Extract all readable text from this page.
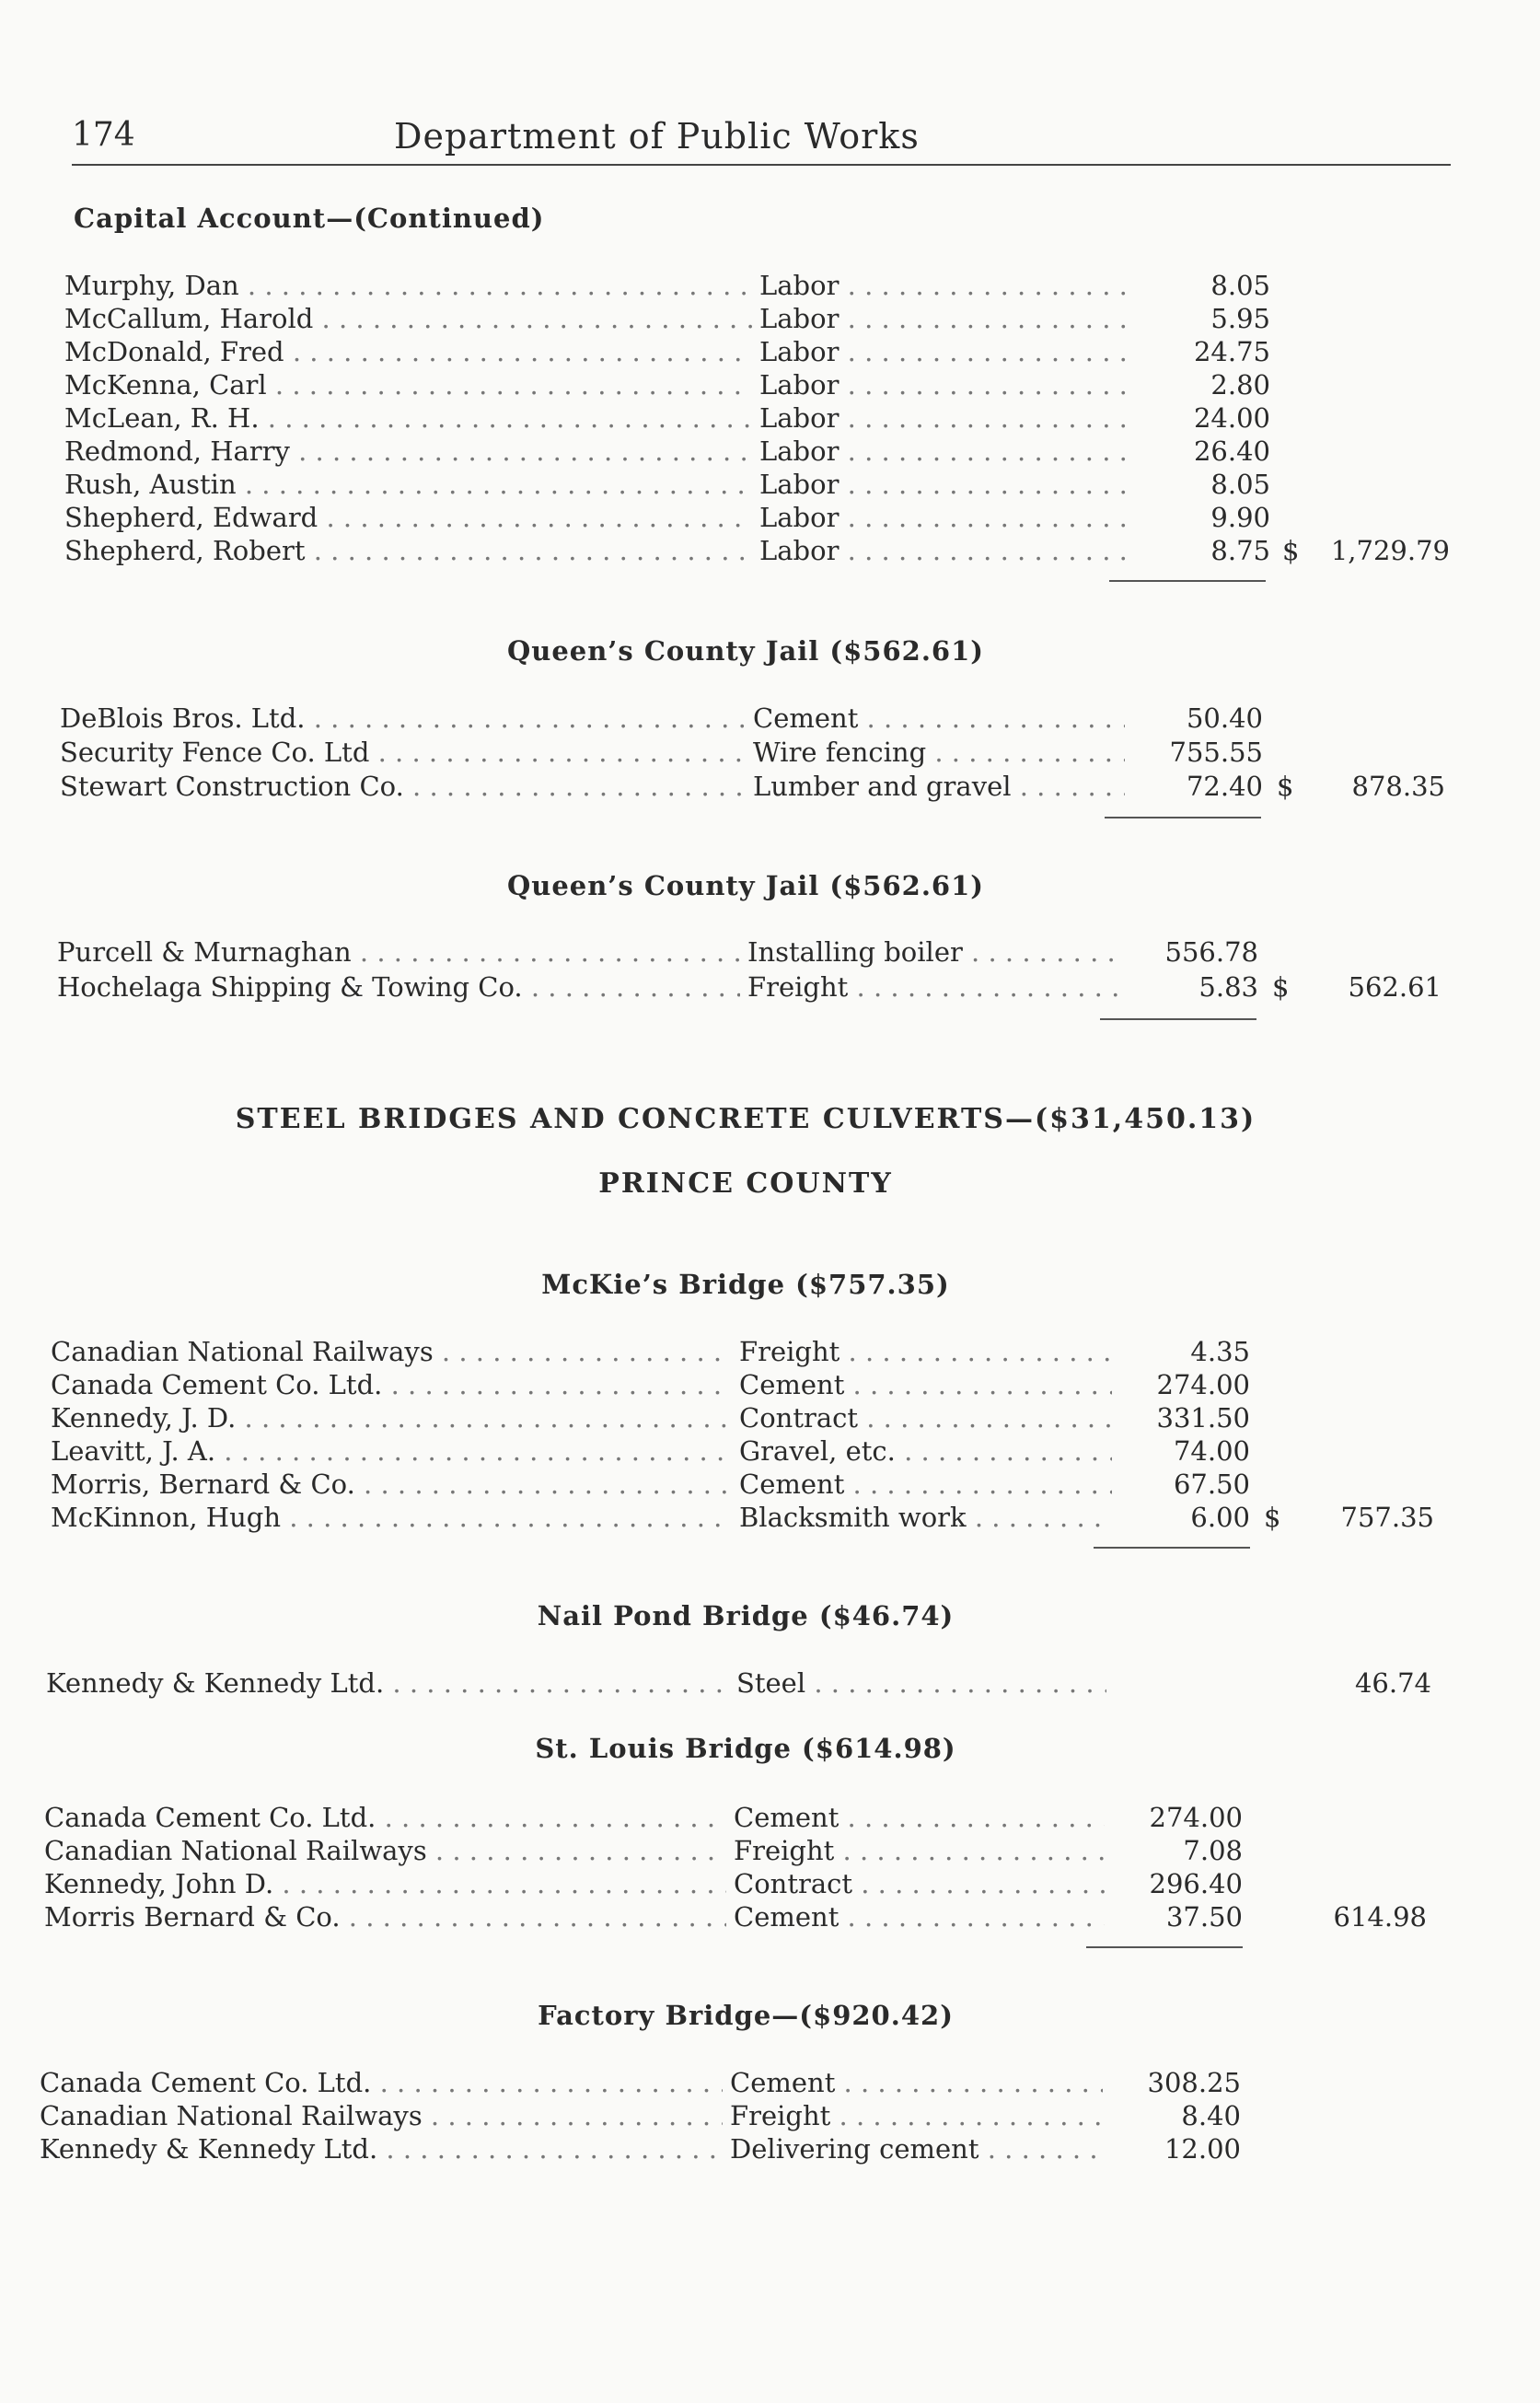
174	Department of Public Works
Capital Account—(Continued)
Murphy, Dan . . .	Labor . . .	8.05
McCallum, Harold . . .	Labor . . .	5.95
McDonald, Fred . . .	Labor . . .	24.75
McKenna, Carl . . .	Labor . . .	2.80
McLean, R. H. . . .	Labor . . .	24.00
Redmond, Harry . . .	Labor . . .	26.40
Rush, Austin . . .	Labor . . .	8.05
Shepherd, Edward . . .	Labor . . .	9.90
Shepherd, Robert . . .	Labor . . .	8.75 $	1,729.79
Queen’s County Jail ($562.61)
DeBlois Bros. Ltd. . . .	Cement . . .	50.40
Security Fence Co. Ltd . . .	Wire fencing . . .	755.55
Stewart Construction Co. . . .	Lumber and gravel . . .	72.40 $	878.35
Queen’s County Jail ($562.61)
Purcell & Murnaghan . . .	Installing boiler . . .	556.78
Hochelaga Shipping & Towing Co. . . .	Freight . . .	5.83 $	562.61
STEEL BRIDGES AND CONCRETE CULVERTS—($31,450.13)
PRINCE COUNTY
McKie’s Bridge ($757.35)
Canadian National Railways . . .	Freight . . .	4.35
Canada Cement Co. Ltd. . . .	Cement . . .	274.00
Kennedy, J. D. . . .	Contract . . .	331.50
Leavitt, J. A. . . .	Gravel, etc. . . .	74.00
Morris, Bernard & Co. . . .	Cement . . .	67.50
McKinnon, Hugh . . .	Blacksmith work . . .	6.00 $	757.35
Nail Pond Bridge ($46.74)
Kennedy & Kennedy Ltd. . . .	Steel . . .	46.74
St. Louis Bridge ($614.98)
Canada Cement Co. Ltd. . . .	Cement . . .	274.00
Canadian National Railways . . .	Freight . . .	7.08
Kennedy, John D. . . .	Contract . . .	296.40
Morris Bernard & Co. . . .	Cement . . .	37.50	614.98
Factory Bridge—($920.42)
Canada Cement Co. Ltd. . . .	Cement . . .	308.25
Canadian National Railways . . .	Freight . . .	8.40
Kennedy & Kennedy Ltd. . . .	Delivering cement . . .	12.00
